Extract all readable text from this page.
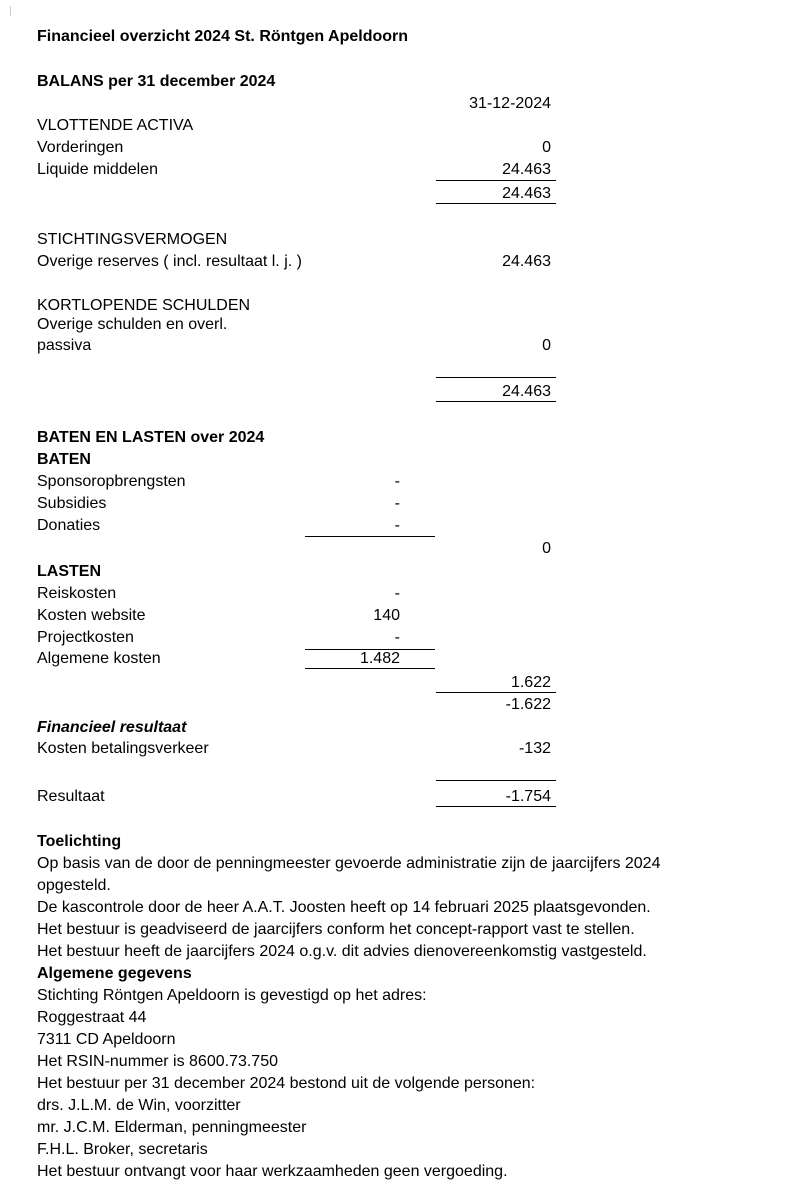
Financieel overzicht 2024 St. Röntgen Apeldoorn
BALANS per 31 december 2024
31-12-2024
VLOTTENDE ACTIVA
Vorderingen	0
Liquide middelen	24.463
24.463
STICHTINGSVERMOGEN
Overige reserves ( incl. resultaat l. j. )	24.463
KORTLOPENDE SCHULDEN
Overige schulden en overl.
passiva	0
24.463
BATEN EN LASTEN over 2024
BATEN
Sponsoropbrengsten	-
Subsidies	-
Donaties	-
0
LASTEN
Reiskosten	-
Kosten website	140
Projectkosten	-
Algemene kosten	1.482
1.622
-1.622
Financieel resultaat
Kosten betalingsverkeer	-132
Resultaat	-1.754
Toelichting
Op basis van de door de penningmeester gevoerde administratie zijn de jaarcijfers 2024
opgesteld.
De kascontrole door de heer A.A.T. Joosten heeft op 14 februari 2025 plaatsgevonden.
Het bestuur is geadviseerd de jaarcijfers conform het concept-rapport vast te stellen.
Het bestuur heeft de jaarcijfers 2024 o.g.v. dit advies dienovereenkomstig vastgesteld.
Algemene gegevens
Stichting Röntgen Apeldoorn is gevestigd op het adres:
Roggestraat 44
7311 CD Apeldoorn
Het RSIN-nummer is 8600.73.750
Het bestuur per 31 december 2024 bestond uit de volgende personen:
drs. J.L.M. de Win, voorzitter
mr. J.C.M. Elderman, penningmeester
F.H.L. Broker, secretaris
Het bestuur ontvangt voor haar werkzaamheden geen vergoeding.
